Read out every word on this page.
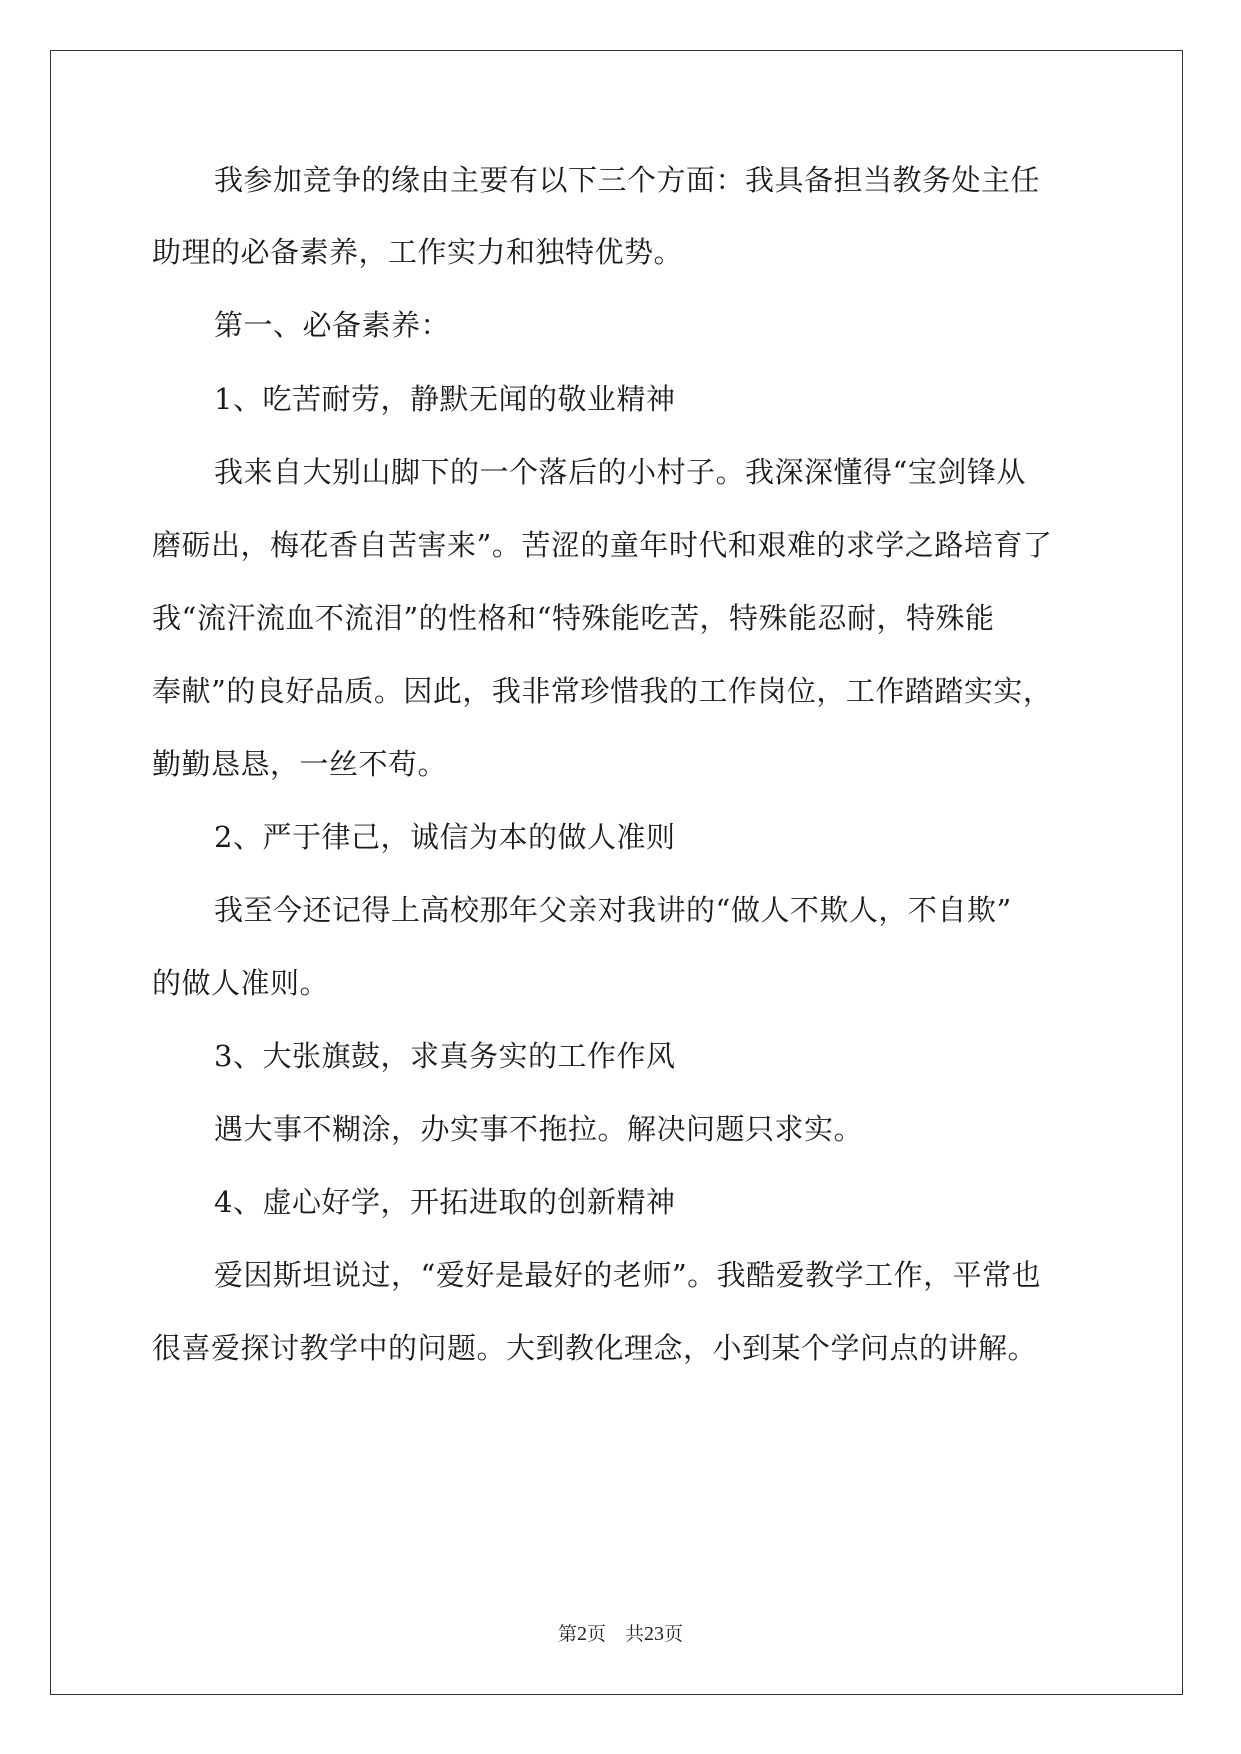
我参加竞争的缘由主要有以下三个方面：我具备担当教务处主任
助理的必备素养，工作实力和独特优势。
第一、必备素养：
1、吃苦耐劳，静默无闻的敬业精神
我来自大别山脚下的一个落后的小村子。我深深懂得“宝剑锋从
磨砺出，梅花香自苦害来”。苦涩的童年时代和艰难的求学之路培育了
我“流汗流血不流泪”的性格和“特殊能吃苦，特殊能忍耐，特殊能
奉献”的良好品质。因此，我非常珍惜我的工作岗位，工作踏踏实实，
勤勤恳恳，一丝不苟。
2、严于律己，诚信为本的做人准则
我至今还记得上高校那年父亲对我讲的“做人不欺人，不自欺”
的做人准则。
3、大张旗鼓，求真务实的工作作风
遇大事不糊涂，办实事不拖拉。解决问题只求实。
4、虚心好学，开拓进取的创新精神
爱因斯坦说过，“爱好是最好的老师”。我酷爱教学工作，平常也
很喜爱探讨教学中的问题。大到教化理念，小到某个学问点的讲解。
第2页　共23页
